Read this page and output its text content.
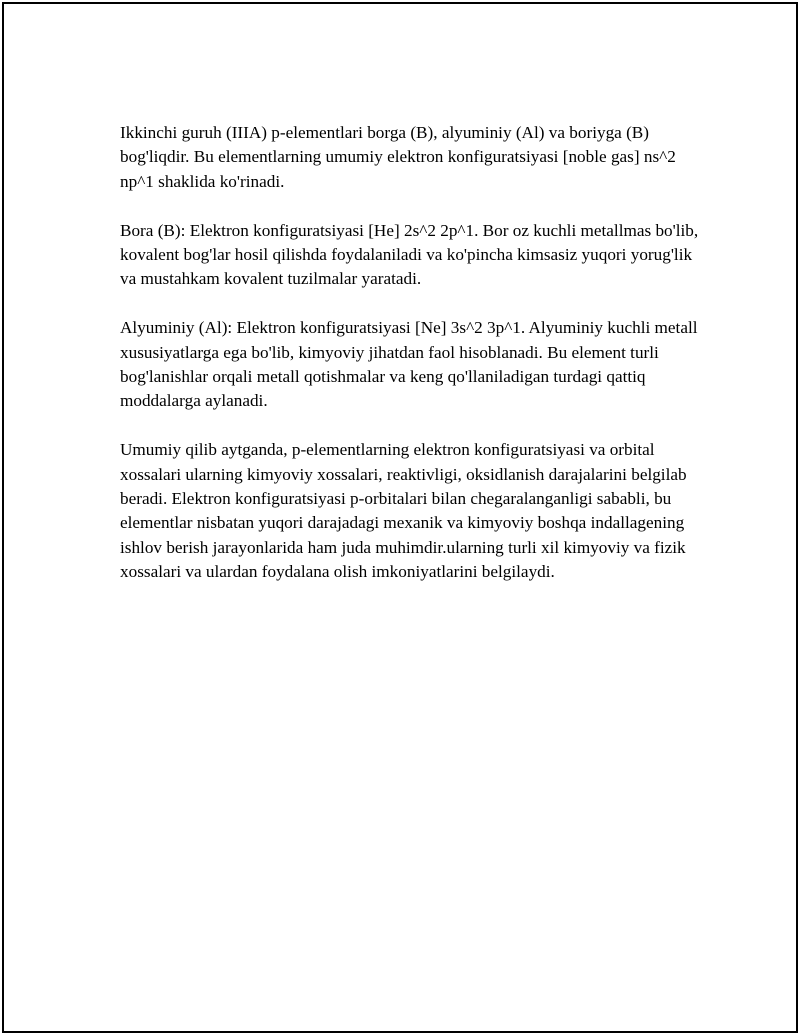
Ikkinchi guruh (IIIA) p-elementlari borga (B), alyuminiy (Al) va boriyga (B) bog'liqdir. Bu elementlarning umumiy elektron konfiguratsiyasi [noble gas] ns^2 np^1 shaklida ko'rinadi.

Bora (B): Elektron konfiguratsiyasi [He] 2s^2 2p^1. Bor oz kuchli metallmas bo'lib, kovalent bog'lar hosil qilishda foydalaniladi va ko'pincha kimsasiz yuqori yorug'lik va mustahkam kovalent tuzilmalar yaratadi.

Alyuminiy (Al): Elektron konfiguratsiyasi [Ne] 3s^2 3p^1. Alyuminiy kuchli metall xususiyatlarga ega bo'lib, kimyoviy jihatdan faol hisoblanadi. Bu element turli bog'lanishlar orqali metall qotishmalar va keng qo'llaniladigan turdagi qattiq moddalarga aylanadi.

Umumiy qilib aytganda, p-elementlarning elektron konfiguratsiyasi va orbital xossalari ularning kimyoviy xossalari, reaktivligi, oksidlanish darajalarini belgilab beradi. Elektron konfiguratsiyasi p-orbitalari bilan chegaralanganligi sababli, bu elementlar nisbatan yuqori darajadagi mexanik va kimyoviy boshqa indallagening ishlov berish jarayonlarida ham juda muhimdir.ularning turli xil kimyoviy va fizik xossalari va ulardan foydalana olish imkoniyatlarini belgilaydi.
